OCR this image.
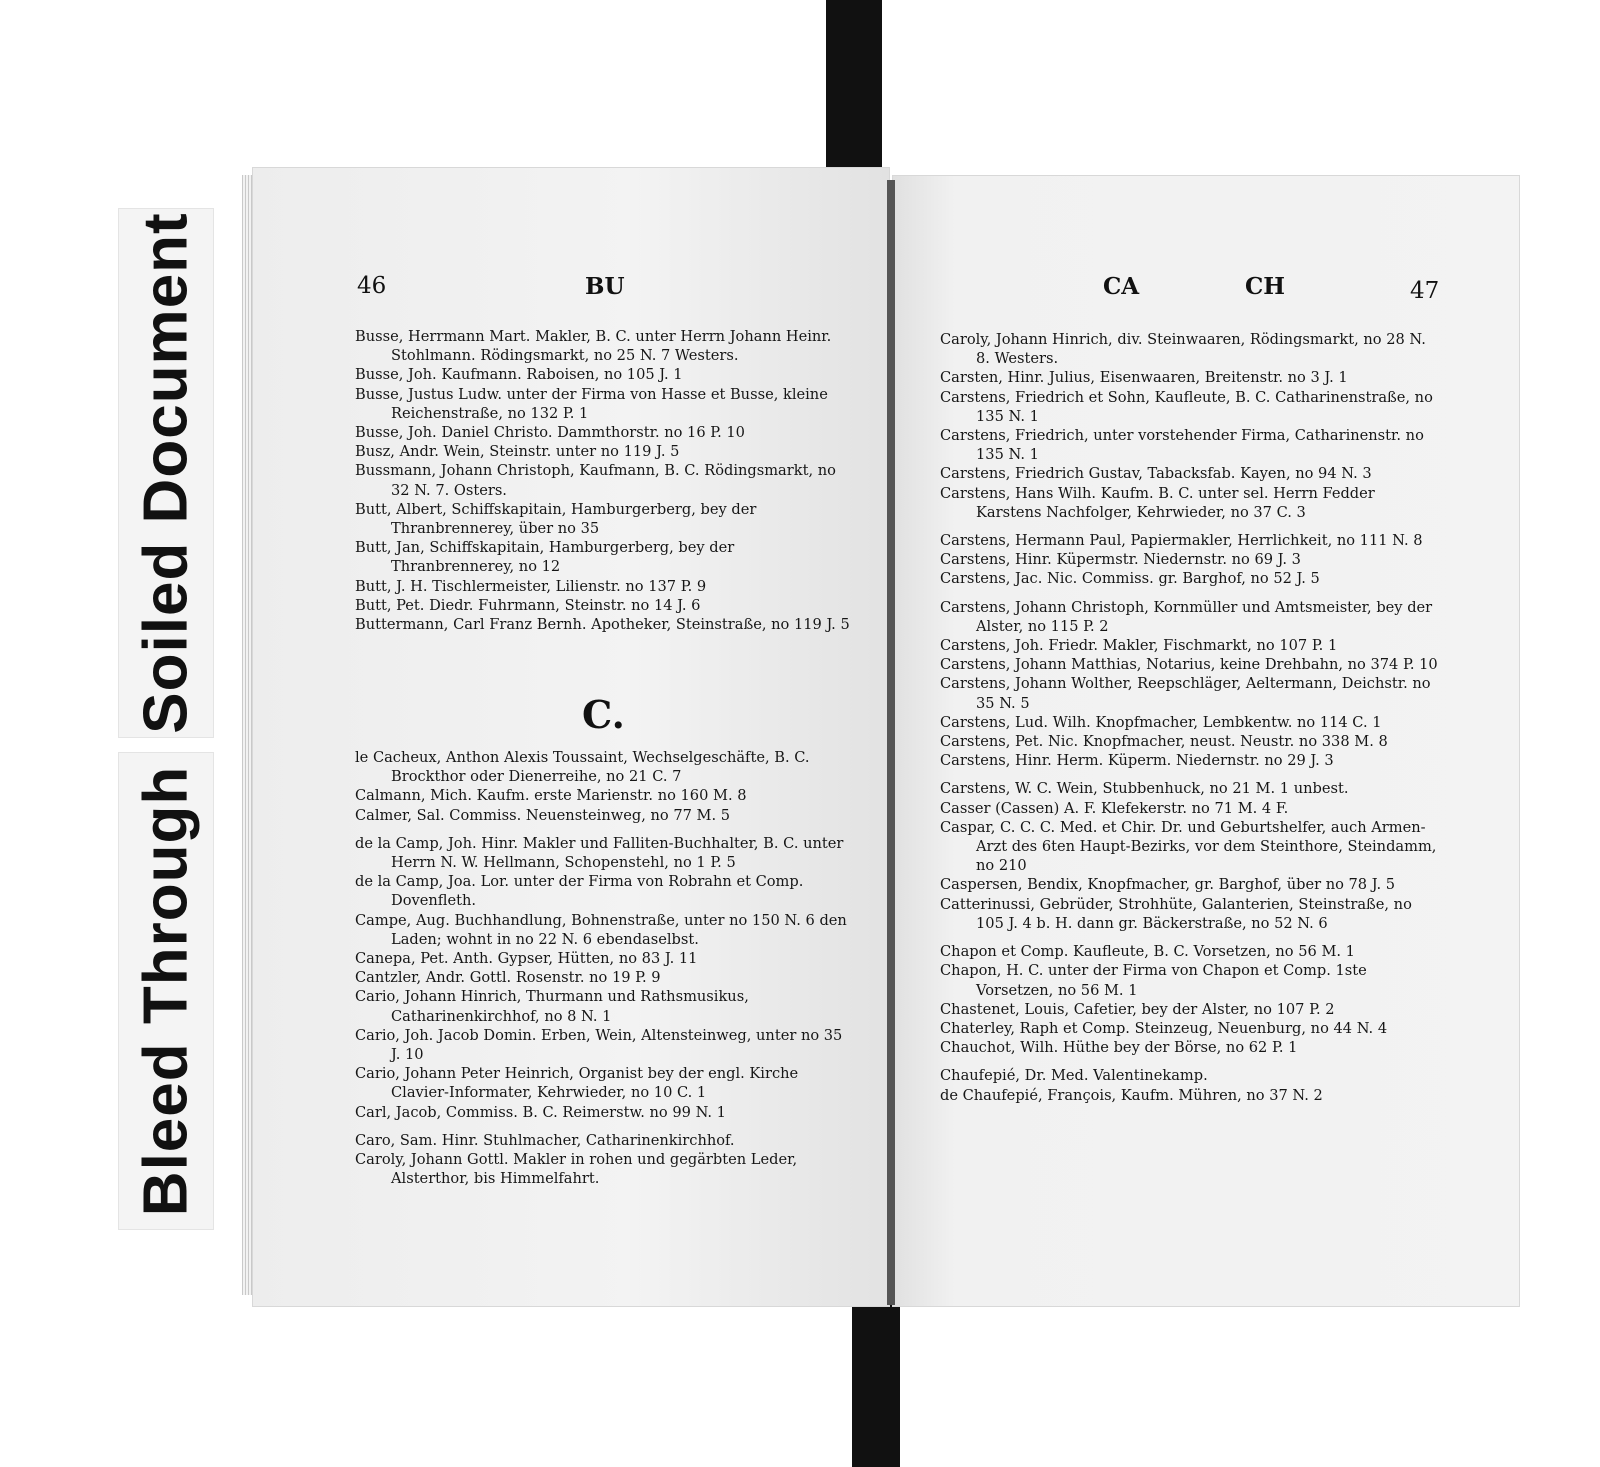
Soiled Document
Bleed Through
46	BU
Busse, Herrmann Mart. Makler, B. C. unter Herrn Johann Heinr. Stohlmann. Rödingsmarkt, no 25 N. 7 Westers.
Busse, Joh. Kaufmann. Raboisen, no 105 J. 1
Busse, Justus Ludw. unter der Firma von Hasse et Busse, kleine Reichenstraße, no 132 P. 1
Busse, Joh. Daniel Christo. Dammthorstr. no 16 P. 10
Busz, Andr. Wein, Steinstr. unter no 119 J. 5
Bussmann, Johann Christoph, Kaufmann, B. C. Rödingsmarkt, no 32 N. 7. Osters.
Butt, Albert, Schiffskapitain, Hamburgerberg, bey der Thranbrennerey, über no 35
Butt, Jan, Schiffskapitain, Hamburgerberg, bey der Thranbrennerey, no 12
Butt, J. H. Tischlermeister, Lilienstr. no 137 P. 9
Butt, Pet. Diedr. Fuhrmann, Steinstr. no 14 J. 6
Buttermann, Carl Franz Bernh. Apotheker, Steinstraße, no 119 J. 5
C.
le Cacheux, Anthon Alexis Toussaint, Wechselgeschäfte, B. C. Brockthor oder Dienerreihe, no 21 C. 7
Calmann, Mich. Kaufm. erste Marienstr. no 160 M. 8
Calmer, Sal. Commiss. Neuensteinweg, no 77 M. 5
de la Camp, Joh. Hinr. Makler und Falliten-Buchhalter, B. C. unter Herrn N. W. Hellmann, Schopenstehl, no 1 P. 5
de la Camp, Joa. Lor. unter der Firma von Robrahn et Comp. Dovenfleth.
Campe, Aug. Buchhandlung, Bohnenstraße, unter no 150 N. 6 den Laden; wohnt in no 22 N. 6 ebendaselbst.
Canepa, Pet. Anth. Gypser, Hütten, no 83 J. 11
Cantzler, Andr. Gottl. Rosenstr. no 19 P. 9
Cario, Johann Hinrich, Thurmann und Rathsmusikus, Catharinenkirchhof, no 8 N. 1
Cario, Joh. Jacob Domin. Erben, Wein, Altensteinweg, unter no 35 J. 10
Cario, Johann Peter Heinrich, Organist bey der engl. Kirche Clavier-Informater, Kehrwieder, no 10 C. 1
Carl, Jacob, Commiss. B. C. Reimerstw. no 99 N. 1
Caro, Sam. Hinr. Stuhlmacher, Catharinenkirchhof.
Caroly, Johann Gottl. Makler in rohen und gegärbten Leder, Alsterthor, bis Himmelfahrt.
CA	CH	47
Caroly, Johann Hinrich, div. Steinwaaren, Rödingsmarkt, no 28 N. 8. Westers.
Carsten, Hinr. Julius, Eisenwaaren, Breitenstr. no 3 J. 1
Carstens, Friedrich et Sohn, Kaufleute, B. C. Catharinenstraße, no 135 N. 1
Carstens, Friedrich, unter vorstehender Firma, Catharinenstr. no 135 N. 1
Carstens, Friedrich Gustav, Tabacksfab. Kayen, no 94 N. 3
Carstens, Hans Wilh. Kaufm. B. C. unter sel. Herrn Fedder Karstens Nachfolger, Kehrwieder, no 37 C. 3
Carstens, Hermann Paul, Papiermakler, Herrlichkeit, no 111 N. 8
Carstens, Hinr. Küpermstr. Niedernstr. no 69 J. 3
Carstens, Jac. Nic. Commiss. gr. Barghof, no 52 J. 5
Carstens, Johann Christoph, Kornmüller und Amtsmeister, bey der Alster, no 115 P. 2
Carstens, Joh. Friedr. Makler, Fischmarkt, no 107 P. 1
Carstens, Johann Matthias, Notarius, keine Drehbahn, no 374 P. 10
Carstens, Johann Wolther, Reepschläger, Aeltermann, Deichstr. no 35 N. 5
Carstens, Lud. Wilh. Knopfmacher, Lembkentw. no 114 C. 1
Carstens, Pet. Nic. Knopfmacher, neust. Neustr. no 338 M. 8
Carstens, Hinr. Herm. Küperm. Niedernstr. no 29 J. 3
Carstens, W. C. Wein, Stubbenhuck, no 21 M. 1 unbest.
Casser (Cassen) A. F. Klefekerstr. no 71 M. 4 F.
Caspar, C. C. C. Med. et Chir. Dr. und Geburtshelfer, auch Armen-Arzt des 6ten Haupt-Bezirks, vor dem Steinthore, Steindamm, no 210
Caspersen, Bendix, Knopfmacher, gr. Barghof, über no 78 J. 5
Catterinussi, Gebrüder, Strohhüte, Galanterien, Steinstraße, no 105 J. 4 b. H. dann gr. Bäckerstraße, no 52 N. 6
Chapon et Comp. Kaufleute, B. C. Vorsetzen, no 56 M. 1
Chapon, H. C. unter der Firma von Chapon et Comp. 1ste Vorsetzen, no 56 M. 1
Chastenet, Louis, Cafetier, bey der Alster, no 107 P. 2
Chaterley, Raph et Comp. Steinzeug, Neuenburg, no 44 N. 4
Chauchot, Wilh. Hüthe bey der Börse, no 62 P. 1
Chaufepié, Dr. Med. Valentinekamp.
de Chaufepié, François, Kaufm. Mühren, no 37 N. 2
